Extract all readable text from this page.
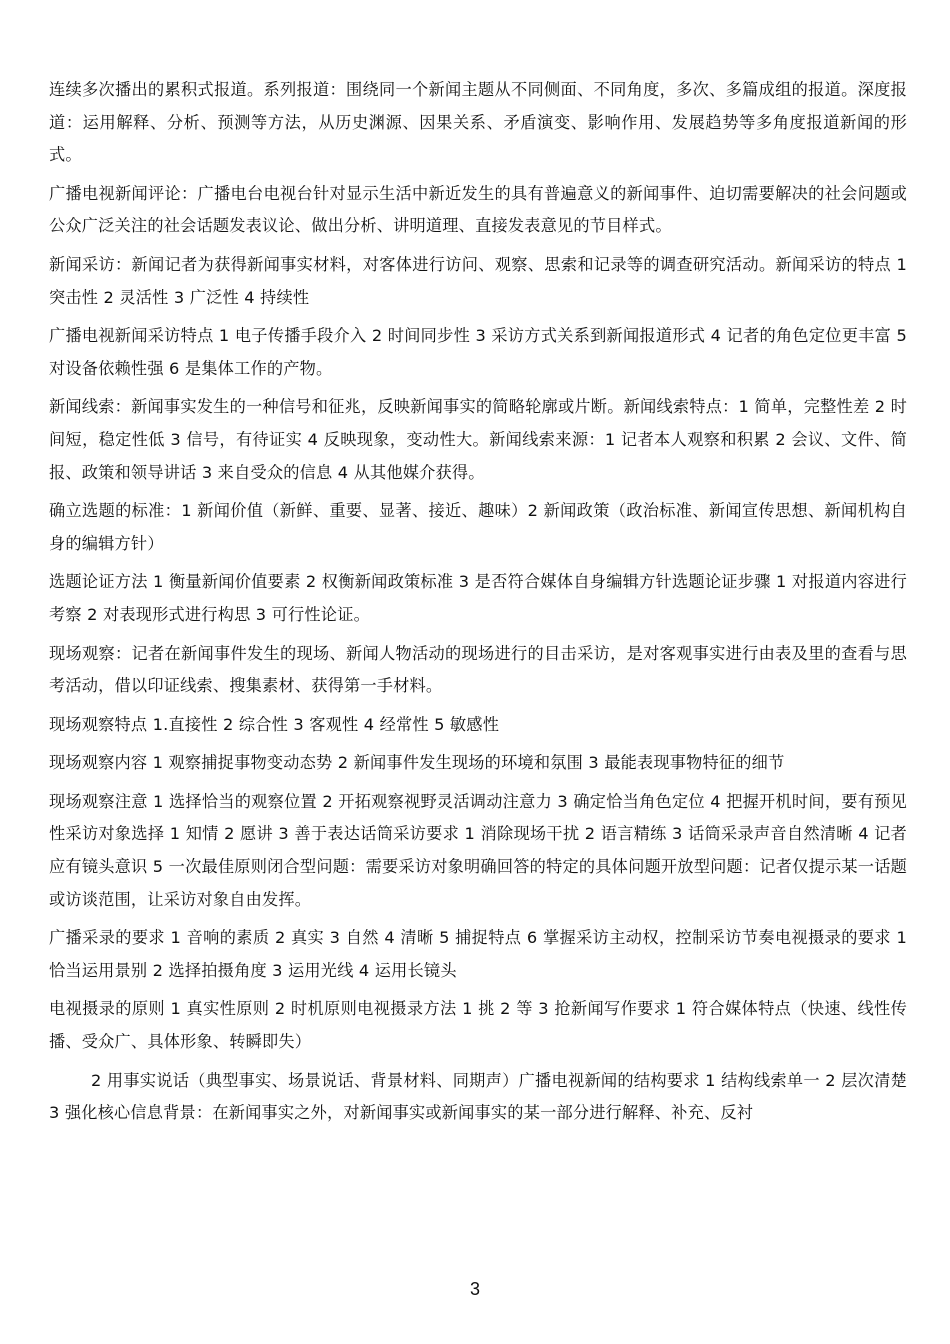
连续多次播出的累积式报道。系列报道：围绕同一个新闻主题从不同侧面、不同角度，多次、多篇成组的报道。深度报道：运用解释、分析、预测等方法，从历史渊源、因果关系、矛盾演变、影响作用、发展趋势等多角度报道新闻的形式。

广播电视新闻评论：广播电台电视台针对显示生活中新近发生的具有普遍意义的新闻事件、迫切需要解决的社会问题或公众广泛关注的社会话题发表议论、做出分析、讲明道理、直接发表意见的节目样式。

新闻采访：新闻记者为获得新闻事实材料，对客体进行访问、观察、思索和记录等的调查研究活动。新闻采访的特点 1 突击性 2 灵活性 3 广泛性 4 持续性

广播电视新闻采访特点 1 电子传播手段介入 2 时间同步性 3 采访方式关系到新闻报道形式 4 记者的角色定位更丰富 5 对设备依赖性强 6 是集体工作的产物。

新闻线索：新闻事实发生的一种信号和征兆，反映新闻事实的简略轮廓或片断。新闻线索特点：1 简单，完整性差 2 时间短，稳定性低 3 信号，有待证实 4 反映现象，变动性大。新闻线索来源：1 记者本人观察和积累 2 会议、文件、简报、政策和领导讲话 3 来自受众的信息 4 从其他媒介获得。

确立选题的标准：1 新闻价值（新鲜、重要、显著、接近、趣味）2 新闻政策（政治标准、新闻宣传思想、新闻机构自身的编辑方针）

选题论证方法 1 衡量新闻价值要素 2 权衡新闻政策标准 3 是否符合媒体自身编辑方针选题论证步骤 1 对报道内容进行考察 2 对表现形式进行构思 3 可行性论证。

现场观察：记者在新闻事件发生的现场、新闻人物活动的现场进行的目击采访，是对客观事实进行由表及里的查看与思考活动，借以印证线索、搜集素材、获得第一手材料。

现场观察特点 1.直接性 2 综合性 3 客观性 4 经常性 5 敏感性

现场观察内容 1 观察捕捉事物变动态势 2 新闻事件发生现场的环境和氛围 3 最能表现事物特征的细节

现场观察注意 1 选择恰当的观察位置 2 开拓观察视野灵活调动注意力 3 确定恰当角色定位 4 把握开机时间，要有预见性采访对象选择 1 知情 2 愿讲 3 善于表达话筒采访要求 1 消除现场干扰 2 语言精练 3 话筒采录声音自然清晰 4 记者应有镜头意识 5 一次最佳原则闭合型问题：需要采访对象明确回答的特定的具体问题开放型问题：记者仅提示某一话题或访谈范围，让采访对象自由发挥。

广播采录的要求 1 音响的素质 2 真实 3 自然 4 清晰 5 捕捉特点 6 掌握采访主动权，控制采访节奏电视摄录的要求 1 恰当运用景别 2 选择拍摄角度 3 运用光线 4 运用长镜头

电视摄录的原则 1 真实性原则 2 时机原则电视摄录方法 1 挑 2 等 3 抢新闻写作要求 1 符合媒体特点（快速、线性传播、受众广、具体形象、转瞬即失）

2 用事实说话（典型事实、场景说话、背景材料、同期声）广播电视新闻的结构要求 1 结构线索单一 2 层次清楚 3 强化核心信息背景：在新闻事实之外，对新闻事实或新闻事实的某一部分进行解释、补充、反衬

3
